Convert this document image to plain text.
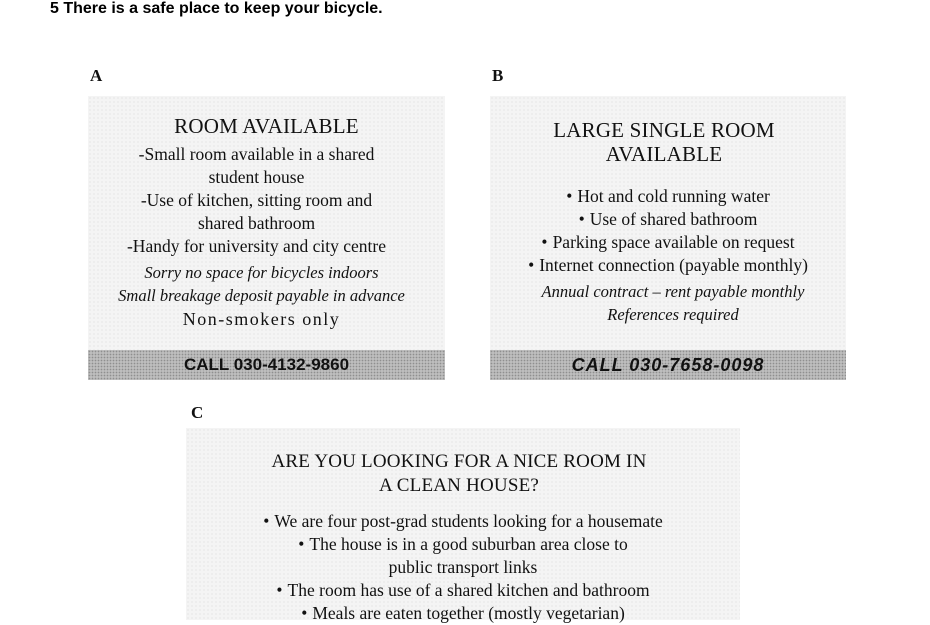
5 There is a safe place to keep your bicycle.
A
ROOM AVAILABLE
-Small room available in a shared
student house
-Use of kitchen, sitting room and
shared bathroom
-Handy for university and city centre
Sorry no space for bicycles indoors
Small breakage deposit payable in advance
Non-smokers only
CALL 030-4132-9860
B
LARGE SINGLE ROOM
AVAILABLE
• Hot and cold running water
• Use of shared bathroom
• Parking space available on request
• Internet connection (payable monthly)
Annual contract – rent payable monthly
References required
CALL 030-7658-0098
C
ARE YOU LOOKING FOR A NICE ROOM IN
A CLEAN HOUSE?
• We are four post-grad students looking for a housemate
• The house is in a good suburban area close to
public transport links
• The room has use of a shared kitchen and bathroom
• Meals are eaten together (mostly vegetarian)
